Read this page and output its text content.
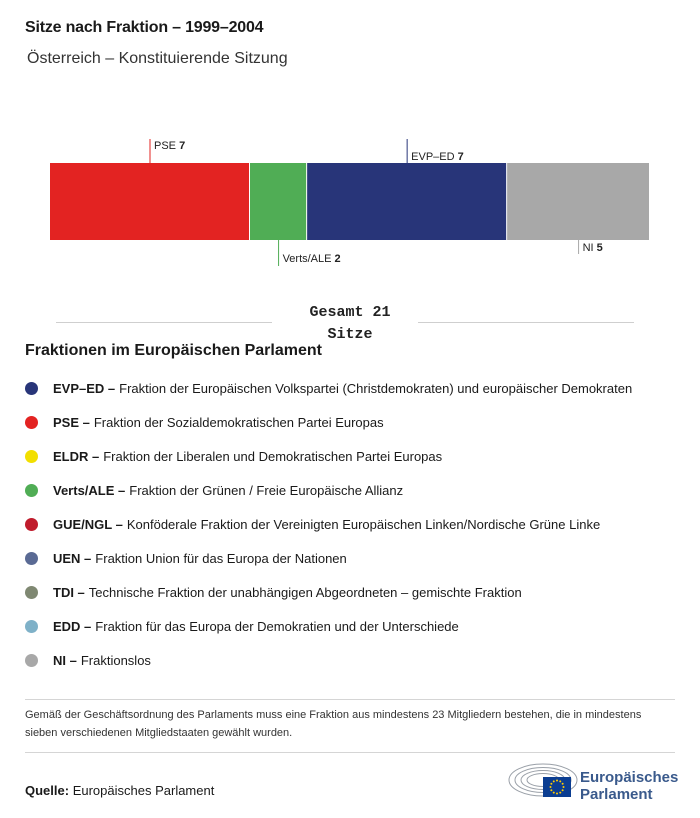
Sitze nach Fraktion – 1999–2004
Österreich – Konstituierende Sitzung
PSE 7
Verts/ALE 2
EVP–ED 7
NI 5
Gesamt 21
Sitze
Fraktionen im Europäischen Parlament
EVP–ED – Fraktion der Europäischen Volkspartei (Christdemokraten) und europäischer Demokraten
PSE – Fraktion der Sozialdemokratischen Partei Europas
ELDR – Fraktion der Liberalen und Demokratischen Partei Europas
Verts/ALE – Fraktion der Grünen / Freie Europäische Allianz
GUE/NGL – Konföderale Fraktion der Vereinigten Europäischen Linken/Nordische Grüne Linke
UEN – Fraktion Union für das Europa der Nationen
TDI – Technische Fraktion der unabhängigen Abgeordneten – gemischte Fraktion
EDD – Fraktion für das Europa der Demokratien und der Unterschiede
NI – Fraktionslos
Gemäß der Geschäftsordnung des Parlaments muss eine Fraktion aus mindestens 23 Mitgliedern bestehen, die in mindestens sieben verschiedenen Mitgliedstaaten gewählt wurden.
Quelle: Europäisches Parlament
Europäisches
Parlament
